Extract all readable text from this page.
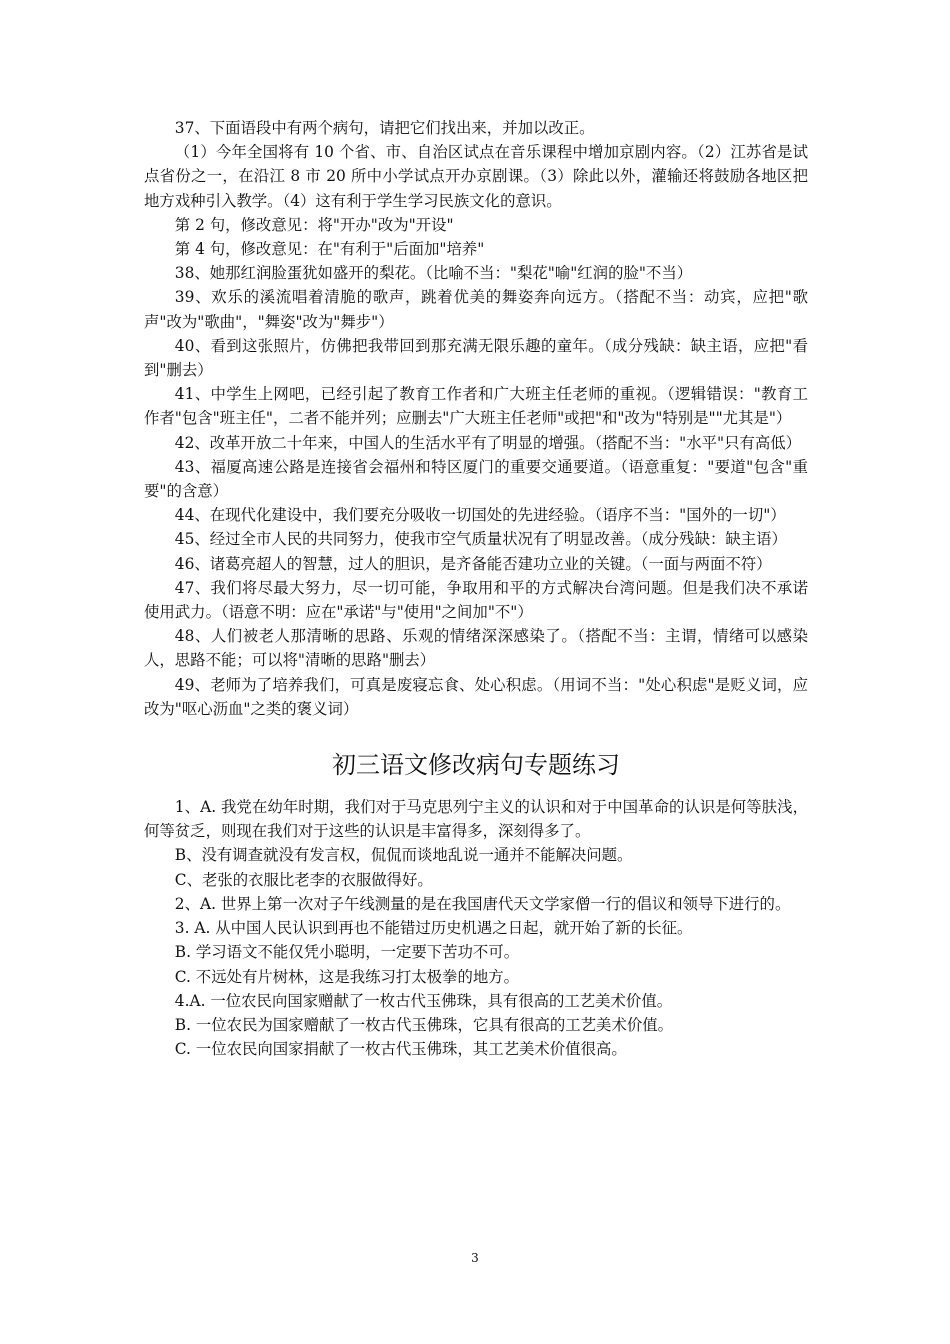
37、下面语段中有两个病句，请把它们找出来，并加以改正。

（1）今年全国将有 10 个省、市、自治区试点在音乐课程中增加京剧内容。（2）江苏省是试点省份之一，在沿江 8 市 20 所中小学试点开办京剧课。（3）除此以外，灌输还将鼓励各地区把地方戏种引入教学。（4）这有利于学生学习民族文化的意识。

第 2 句，修改意见：将"开办"改为"开设"

第 4 句，修改意见：在"有利于"后面加"培养"

38、她那红润脸蛋犹如盛开的梨花。（比喻不当："梨花"喻"红润的脸"不当）

39、欢乐的溪流唱着清脆的歌声，跳着优美的舞姿奔向远方。（搭配不当：动宾，应把"歌声"改为"歌曲"，"舞姿"改为"舞步"）

40、看到这张照片，仿佛把我带回到那充满无限乐趣的童年。（成分残缺：缺主语，应把"看到"删去）

41、中学生上网吧，已经引起了教育工作者和广大班主任老师的重视。（逻辑错误："教育工作者"包含"班主任"，二者不能并列；应删去"广大班主任老师"或把"和"改为"特别是""尤其是"）

42、改革开放二十年来，中国人的生活水平有了明显的增强。（搭配不当："水平"只有高低）

43、福厦高速公路是连接省会福州和特区厦门的重要交通要道。（语意重复："要道"包含"重要"的含意）

44、在现代化建设中，我们要充分吸收一切国处的先进经验。（语序不当："国外的一切"）

45、经过全市人民的共同努力，使我市空气质量状况有了明显改善。（成分残缺：缺主语）

46、诸葛亮超人的智慧，过人的胆识，是齐备能否建功立业的关键。（一面与两面不符）

47、我们将尽最大努力，尽一切可能，争取用和平的方式解决台湾问题。但是我们决不承诺使用武力。（语意不明：应在"承诺"与"使用"之间加"不"）

48、人们被老人那清晰的思路、乐观的情绪深深感染了。（搭配不当：主谓，情绪可以感染人，思路不能；可以将"清晰的思路"删去）

49、老师为了培养我们，可真是废寝忘食、处心积虑。（用词不当："处心积虑"是贬义词，应改为"呕心沥血"之类的褒义词）

初三语文修改病句专题练习

1、A. 我党在幼年时期，我们对于马克思列宁主义的认识和对于中国革命的认识是何等肤浅，何等贫乏，则现在我们对于这些的认识是丰富得多，深刻得多了。

B、没有调查就没有发言权，侃侃而谈地乱说一通并不能解决问题。

C、老张的衣服比老李的衣服做得好。

2、A. 世界上第一次对子午线测量的是在我国唐代天文学家僧一行的倡议和领导下进行的。

3. A. 从中国人民认识到再也不能错过历史机遇之日起，就开始了新的长征。

B. 学习语文不能仅凭小聪明，一定要下苦功不可。

C. 不远处有片树林，这是我练习打太极拳的地方。

4.A. 一位农民向国家赠献了一枚古代玉佛珠，具有很高的工艺美术价值。

B. 一位农民为国家赠献了一枚古代玉佛珠，它具有很高的工艺美术价值。

C. 一位农民向国家捐献了一枚古代玉佛珠，其工艺美术价值很高。

3
